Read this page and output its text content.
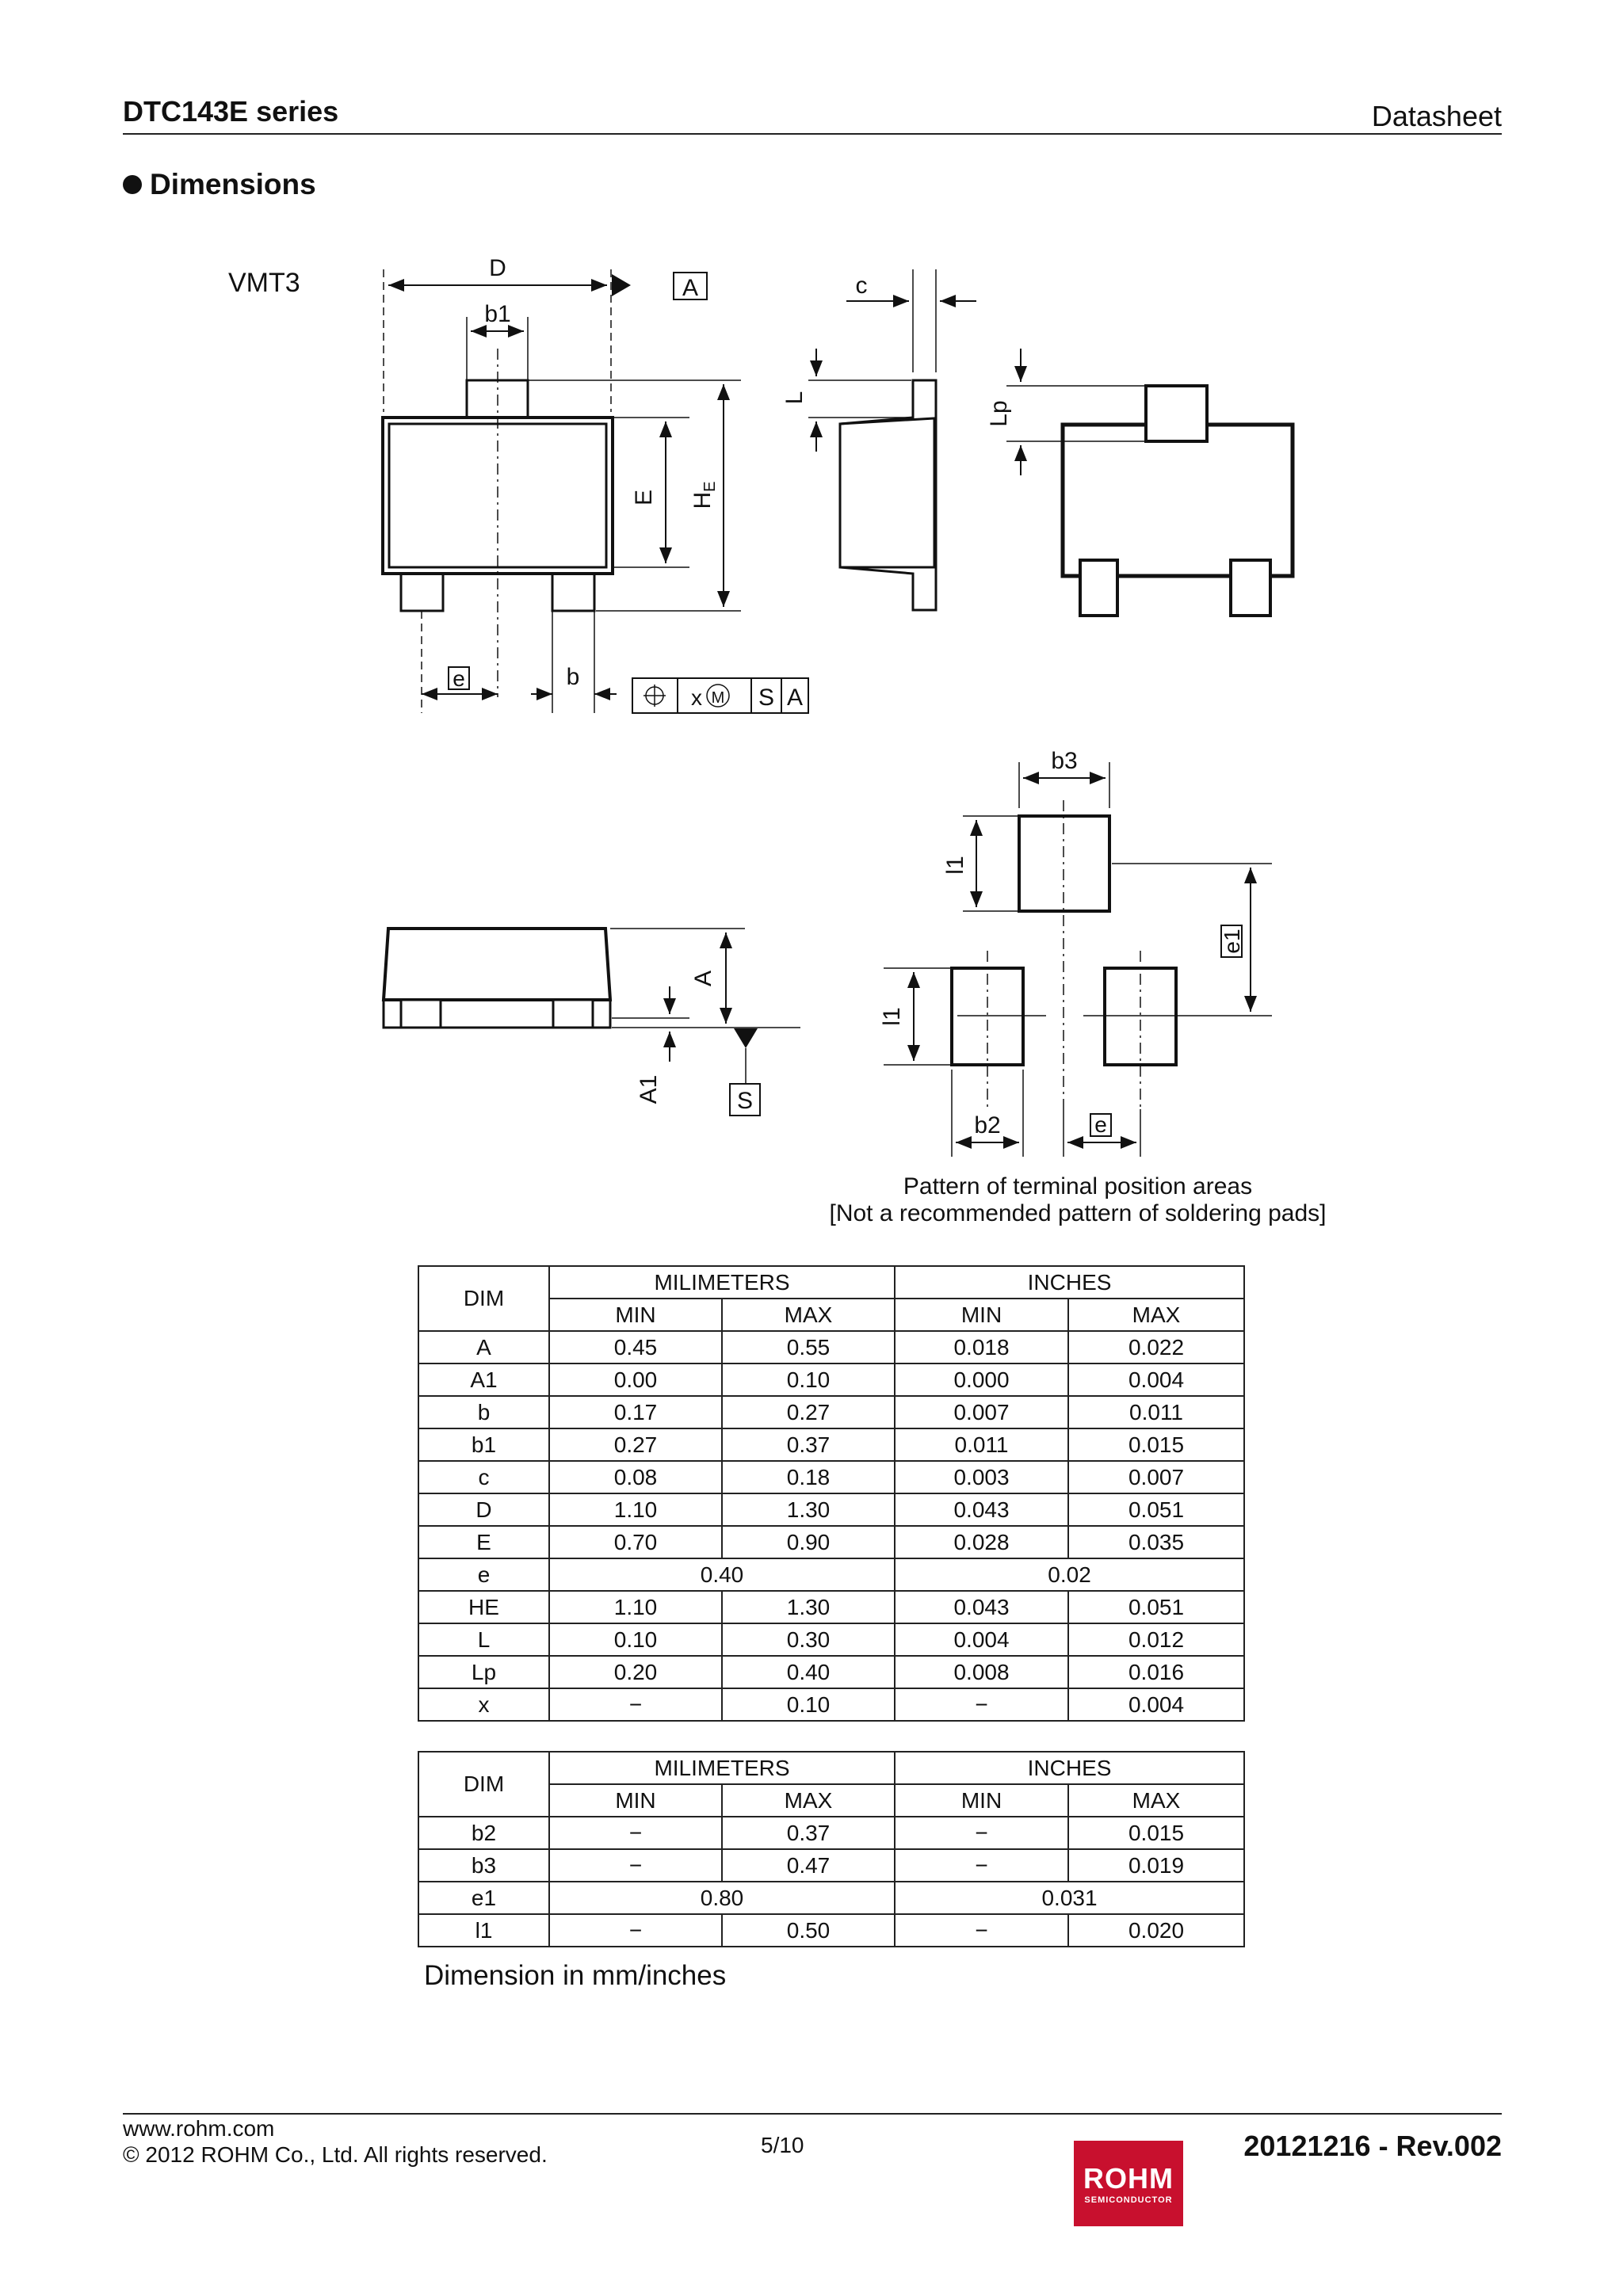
DTC143E series	Datasheet
Dimensions
VMT3	D
A
b1
E $H_E$
e	b
x M S A
c
L
Lp
A
A1	S
b3
l1
e1
l1
b2	e
Pattern of terminal position areas
[Not a recommended pattern of soldering pads]
DIM	MILIMETERS		INCHES	
	MIN	MAX	MIN	MAX
A	0.45	0.55	0.018	0.022
A1	0.00	0.10	0.000	0.004
b	0.17	0.27	0.007	0.011
b1	0.27	0.37	0.011	0.015
c	0.08	0.18	0.003	0.007
D	1.10	1.30	0.043	0.051
E	0.70	0.90	0.028	0.035
e	0.40		0.02	
HE	1.10	1.30	0.043	0.051
L	0.10	0.30	0.004	0.012
Lp	0.20	0.40	0.008	0.016
x	−	0.10	−	0.004
DIM	MILIMETERS		INCHES	
	MIN	MAX	MIN	MAX
b2	−	0.37	−	0.015
b3	−	0.47	−	0.019
e1	0.80		0.031	
l1	−	0.50	−	0.020
Dimension in mm/inches
www.rohm.com
© 2012 ROHM Co., Ltd. All rights reserved.	5/10	20121216 - Rev.002
ROHM
SEMICONDUCTOR
